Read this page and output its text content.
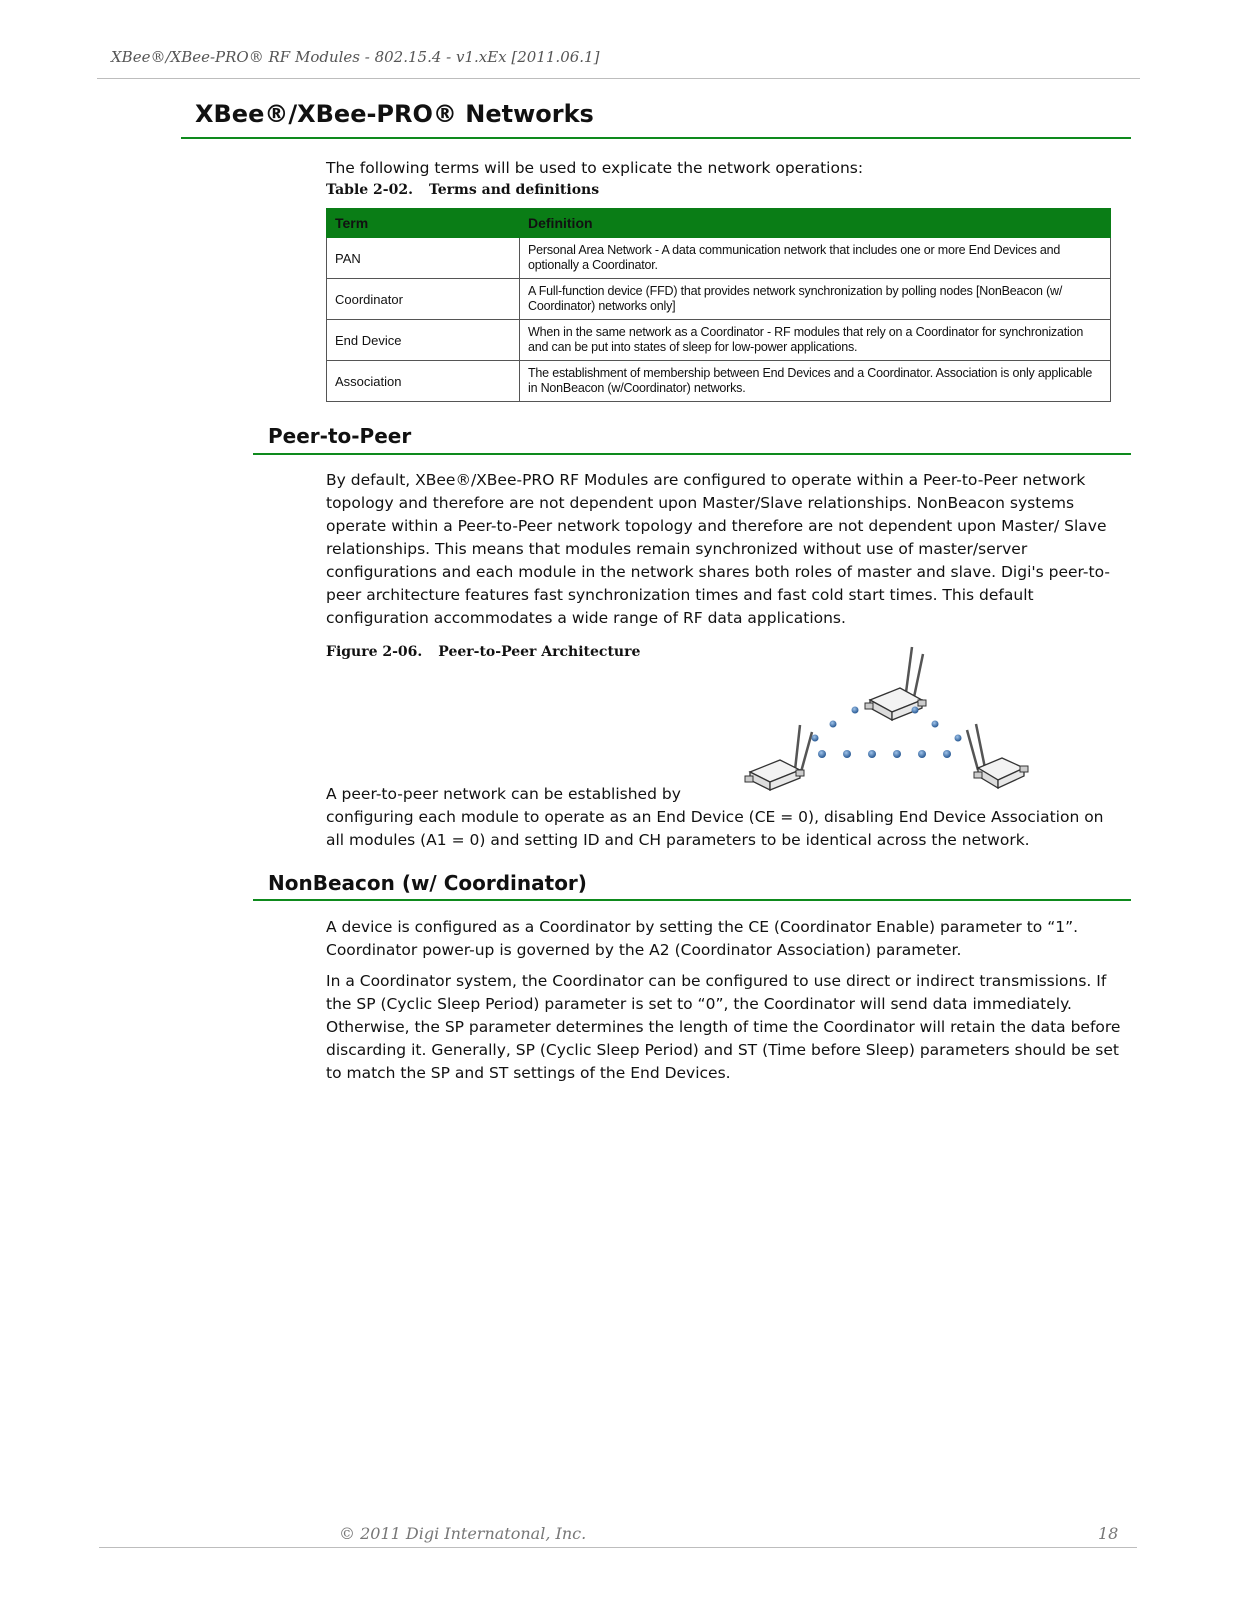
XBee®/XBee-PRO® RF Modules - 802.15.4 - v1.xEx [2011.06.1]
XBee®/XBee-PRO® Networks
The following terms will be used to explicate the network operations:
Table 2-02. Terms and definitions
Term	Definition
PAN	Personal Area Network - A data communication network that includes one or more End Devices and optionally a Coordinator.
Coordinator	A Full-function device (FFD) that provides network synchronization by polling nodes [NonBeacon (w/ Coordinator) networks only]
End Device	When in the same network as a Coordinator - RF modules that rely on a Coordinator for synchronization and can be put into states of sleep for low-power applications.
Association	The establishment of membership between End Devices and a Coordinator. Association is only applicable in NonBeacon (w/Coordinator) networks.
Peer-to-Peer

By default, XBee®/XBee-PRO RF Modules are configured to operate within a Peer-to-Peer network topology and therefore are not dependent upon Master/Slave relationships. NonBeacon systems operate within a Peer-to-Peer network topology and therefore are not dependent upon Master/ Slave relationships. This means that modules remain synchronized without use of master/server configurations and each module in the network shares both roles of master and slave. Digi's peer-to-peer architecture features fast synchronization times and fast cold start times. This default configuration accommodates a wide range of RF data applications.

Figure 2-06. Peer-to-Peer Architecture
A peer-to-peer network can be established by

configuring each module to operate as an End Device (CE = 0), disabling End Device Association on all modules (A1 = 0) and setting ID and CH parameters to be identical across the network.

NonBeacon (w/ Coordinator)

A device is configured as a Coordinator by setting the CE (Coordinator Enable) parameter to “1”. Coordinator power-up is governed by the A2 (Coordinator Association) parameter.

In a Coordinator system, the Coordinator can be configured to use direct or indirect transmissions. If the SP (Cyclic Sleep Period) parameter is set to “0”, the Coordinator will send data immediately. Otherwise, the SP parameter determines the length of time the Coordinator will retain the data before discarding it. Generally, SP (Cyclic Sleep Period) and ST (Time before Sleep) parameters should be set to match the SP and ST settings of the End Devices.

© 2011 Digi Internatonal, Inc.	18
